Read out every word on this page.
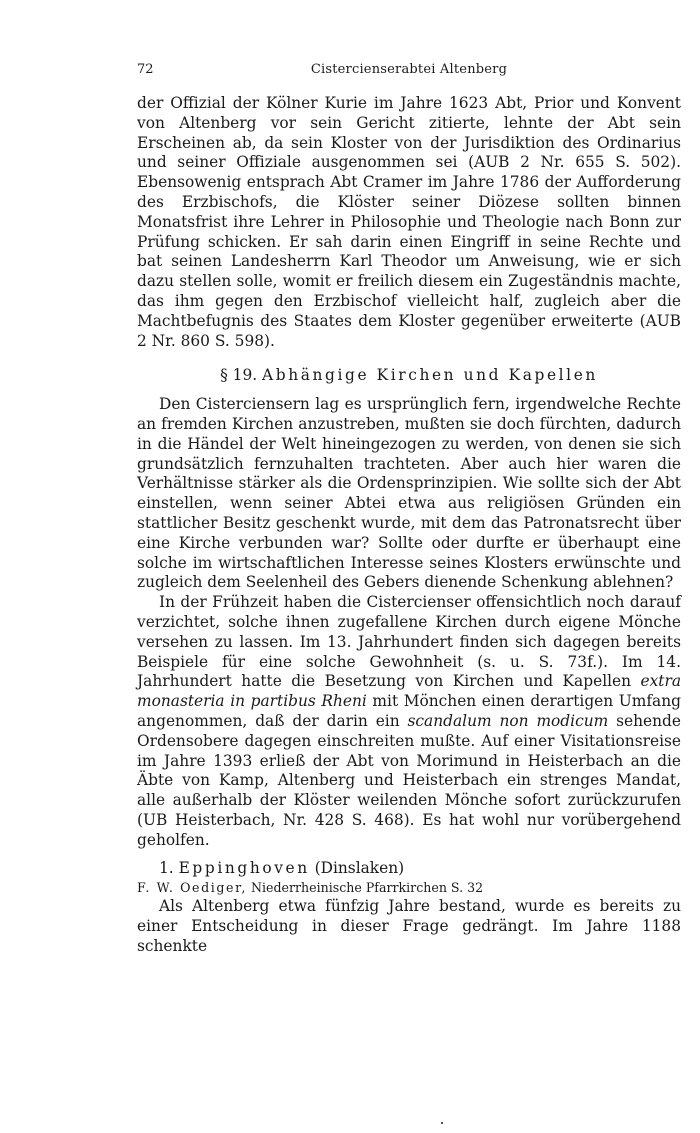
72	Cistercienserabtei Altenberg

der Offizial der Kölner Kurie im Jahre 1623 Abt, Prior und Konvent von Altenberg vor sein Gericht zitierte, lehnte der Abt sein Erscheinen ab, da sein Kloster von der Jurisdiktion des Ordinarius und seiner Offiziale ausgenommen sei (AUB 2 Nr. 655 S. 502). Ebensowenig entsprach Abt Cramer im Jahre 1786 der Aufforderung des Erzbischofs, die Klöster seiner Diözese sollten binnen Monatsfrist ihre Lehrer in Philosophie und Theologie nach Bonn zur Prüfung schicken. Er sah darin einen Eingriff in seine Rechte und bat seinen Landesherrn Karl Theodor um Anweisung, wie er sich dazu stellen solle, womit er freilich diesem ein Zugeständnis machte, das ihm gegen den Erzbischof vielleicht half, zugleich aber die Machtbefugnis des Staates dem Kloster gegenüber erweiterte (AUB 2 Nr. 860 S. 598).

§ 19. Abhängige Kirchen und Kapellen

Den Cisterciensern lag es ursprünglich fern, irgendwelche Rechte an fremden Kirchen anzustreben, mußten sie doch fürchten, dadurch in die Händel der Welt hineingezogen zu werden, von denen sie sich grundsätzlich fernzuhalten trachteten. Aber auch hier waren die Verhältnisse stärker als die Ordensprinzipien. Wie sollte sich der Abt einstellen, wenn seiner Abtei etwa aus religiösen Gründen ein stattlicher Besitz geschenkt wurde, mit dem das Patronatsrecht über eine Kirche verbunden war? Sollte oder durfte er überhaupt eine solche im wirtschaftlichen Interesse seines Klosters erwünschte und zugleich dem Seelenheil des Gebers dienende Schenkung ablehnen?

In der Frühzeit haben die Cistercienser offensichtlich noch darauf verzichtet, solche ihnen zugefallene Kirchen durch eigene Mönche versehen zu lassen. Im 13. Jahrhundert finden sich dagegen bereits Beispiele für eine solche Gewohnheit (s. u. S. 73f.). Im 14. Jahrhundert hatte die Besetzung von Kirchen und Kapellen extra monasteria in partibus Rheni mit Mönchen einen derartigen Umfang angenommen, daß der darin ein scandalum non modicum sehende Ordensobere dagegen einschreiten mußte. Auf einer Visitationsreise im Jahre 1393 erließ der Abt von Morimund in Heisterbach an die Äbte von Kamp, Altenberg und Heisterbach ein strenges Mandat, alle außerhalb der Klöster weilenden Mönche sofort zurückzurufen (UB Heisterbach, Nr. 428 S. 468). Es hat wohl nur vorübergehend geholfen.

1. Eppinghoven (Dinslaken)
F. W. Oediger, Niederrheinische Pfarrkirchen S. 32

Als Altenberg etwa fünfzig Jahre bestand, wurde es bereits zu einer Entscheidung in dieser Frage gedrängt. Im Jahre 1188 schenkte
